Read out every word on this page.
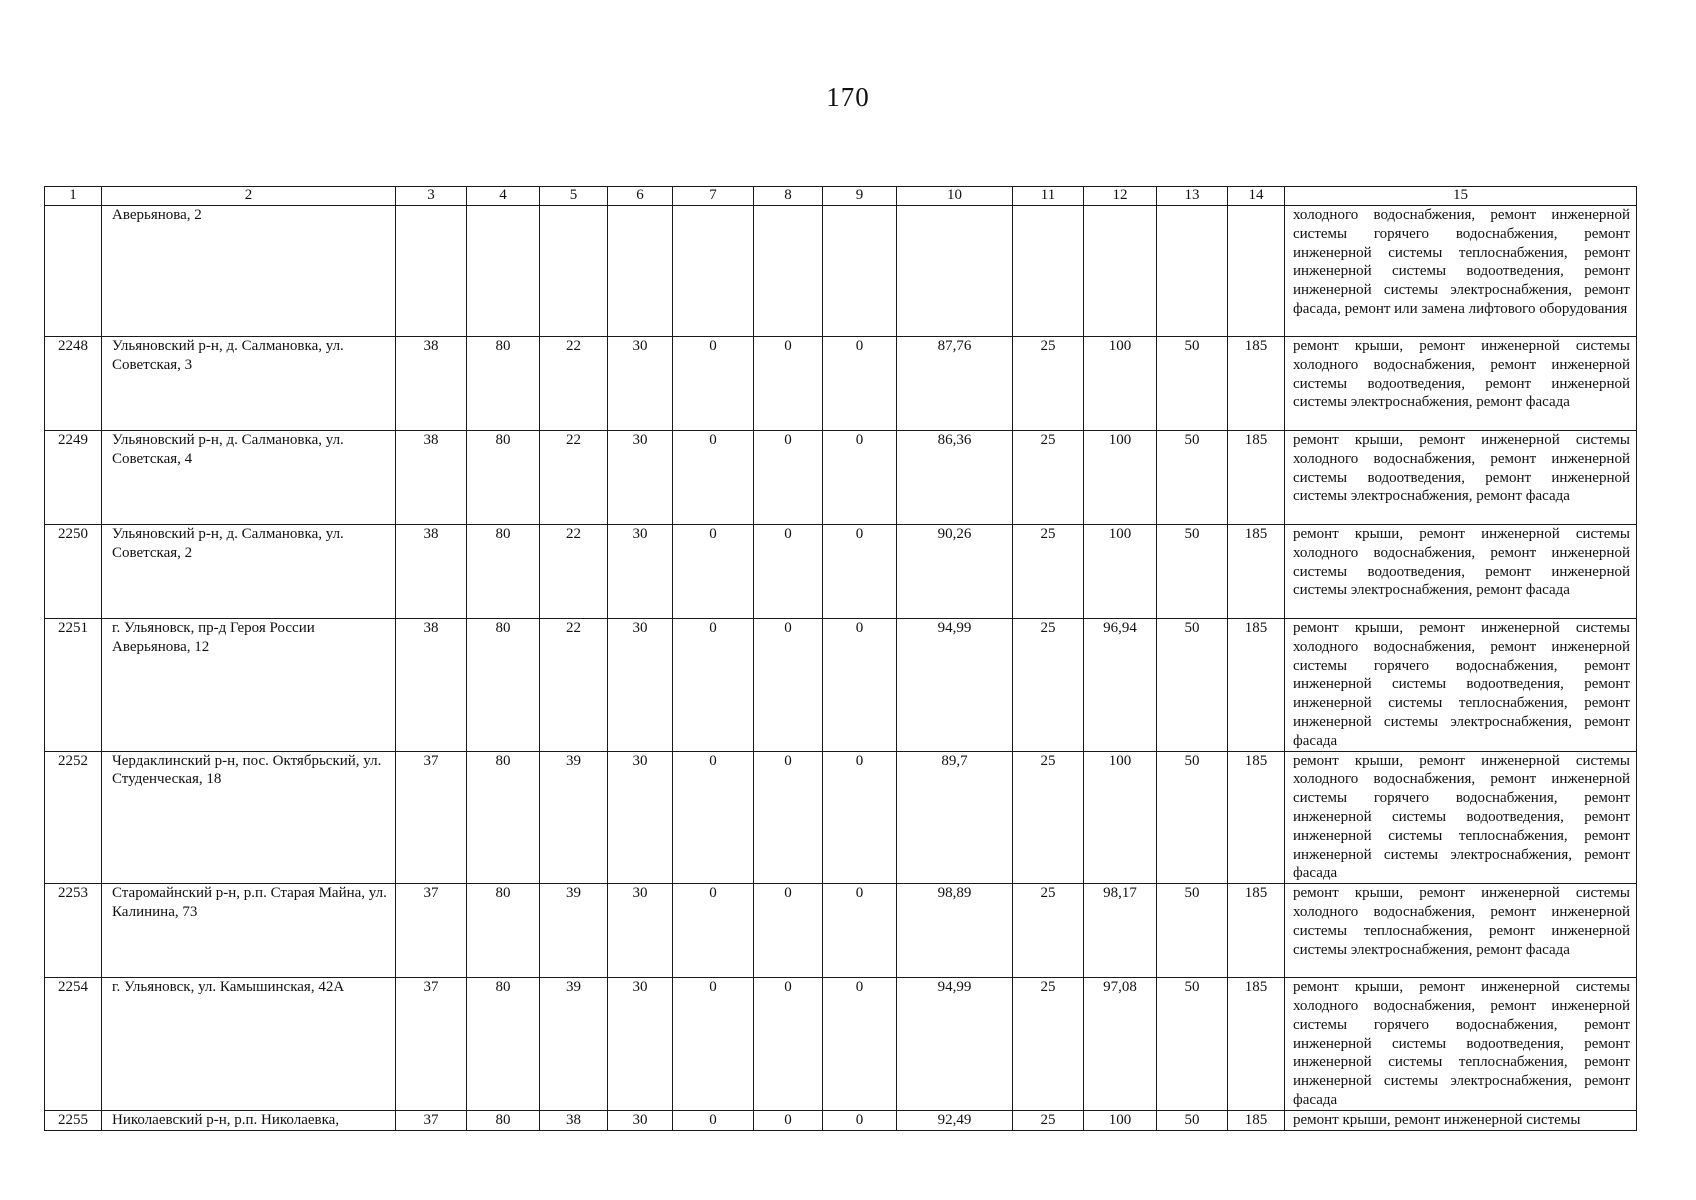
170
1	2	3	4	5	6	7	8	9	10	11	12	13	14	15
	Аверьянова, 2													холодного водоснабжения, ремонт инженерной системы горячего водоснабжения, ремонт инженерной системы теплоснабжения, ремонт инженерной системы водоотведения, ремонт инженерной системы электроснабжения, ремонт фасада, ремонт или замена лифтового оборудования
2248	Ульяновский р-н, д. Салмановка, ул. Советская, 3	38	80	22	30	0	0	0	87,76	25	100	50	185	ремонт крыши, ремонт инженерной системы холодного водоснабжения, ремонт инженерной системы водоотведения, ремонт инженерной системы электроснабжения, ремонт фасада
2249	Ульяновский р-н, д. Салмановка, ул. Советская, 4	38	80	22	30	0	0	0	86,36	25	100	50	185	ремонт крыши, ремонт инженерной системы холодного водоснабжения, ремонт инженерной системы водоотведения, ремонт инженерной системы электроснабжения, ремонт фасада
2250	Ульяновский р-н, д. Салмановка, ул. Советская, 2	38	80	22	30	0	0	0	90,26	25	100	50	185	ремонт крыши, ремонт инженерной системы холодного водоснабжения, ремонт инженерной системы водоотведения, ремонт инженерной системы электроснабжения, ремонт фасада
2251	г. Ульяновск, пр-д Героя России Аверьянова, 12	38	80	22	30	0	0	0	94,99	25	96,94	50	185	ремонт крыши, ремонт инженерной системы холодного водоснабжения, ремонт инженерной системы горячего водоснабжения, ремонт инженерной системы водоотведения, ремонт инженерной системы теплоснабжения, ремонт инженерной системы электроснабжения, ремонт фасада
2252	Чердаклинский р-н, пос. Октябрьский, ул. Студенческая, 18	37	80	39	30	0	0	0	89,7	25	100	50	185	ремонт крыши, ремонт инженерной системы холодного водоснабжения, ремонт инженерной системы горячего водоснабжения, ремонт инженерной системы водоотведения, ремонт инженерной системы теплоснабжения, ремонт инженерной системы электроснабжения, ремонт фасада
2253	Старомайнский р-н, р.п. Старая Майна, ул. Калинина, 73	37	80	39	30	0	0	0	98,89	25	98,17	50	185	ремонт крыши, ремонт инженерной системы холодного водоснабжения, ремонт инженерной системы теплоснабжения, ремонт инженерной системы электроснабжения, ремонт фасада
2254	г. Ульяновск, ул. Камышинская, 42А	37	80	39	30	0	0	0	94,99	25	97,08	50	185	ремонт крыши, ремонт инженерной системы холодного водоснабжения, ремонт инженерной системы горячего водоснабжения, ремонт инженерной системы водоотведения, ремонт инженерной системы теплоснабжения, ремонт инженерной системы электроснабжения, ремонт фасада
2255	Николаевский р-н, р.п. Николаевка,	37	80	38	30	0	0	0	92,49	25	100	50	185	ремонт крыши, ремонт инженерной системы
